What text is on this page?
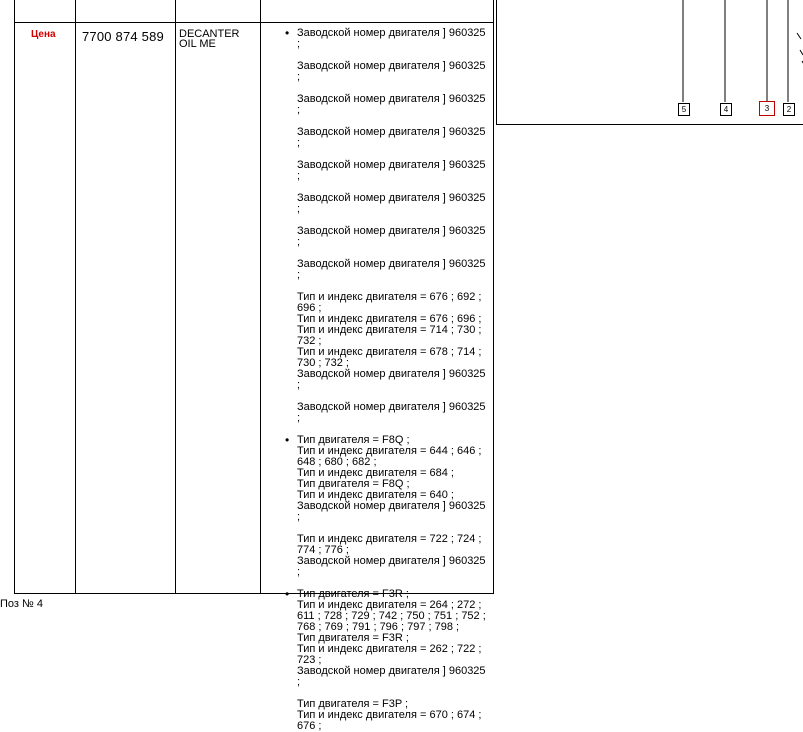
Цена 7700 874 589 DECANTER OIL ME
• Заводской номер двигателя ] 960325
;
Заводской номер двигателя ] 960325
;
Заводской номер двигателя ] 960325
;
Заводской номер двигателя ] 960325
;
Заводской номер двигателя ] 960325
;
Заводской номер двигателя ] 960325
;
Заводской номер двигателя ] 960325
;
Заводской номер двигателя ] 960325
;
Тип и индекс двигателя = 676 ; 692 ;
696 ;
Тип и индекс двигателя = 676 ; 696 ;
Тип и индекс двигателя = 714 ; 730 ;
732 ;
Тип и индекс двигателя = 678 ; 714 ;
730 ; 732 ;
Заводской номер двигателя ] 960325
;
Заводской номер двигателя ] 960325
;
• Тип двигателя = F8Q ;
Тип и индекс двигателя = 644 ; 646 ;
648 ; 680 ; 682 ;
Тип и индекс двигателя = 684 ;
Тип двигателя = F8Q ;
Тип и индекс двигателя = 640 ;
Заводской номер двигателя ] 960325
;
Тип и индекс двигателя = 722 ; 724 ;
774 ; 776 ;
Заводской номер двигателя ] 960325
;
• Тип двигателя = F3R ;
Тип и индекс двигателя = 264 ; 272 ;
611 ; 728 ; 729 ; 742 ; 750 ; 751 ; 752 ;
768 ; 769 ; 791 ; 796 ; 797 ; 798 ;
Тип двигателя = F3R ;
Тип и индекс двигателя = 262 ; 722 ;
723 ;
Заводской номер двигателя ] 960325
;
Тип двигателя = F3P ;
Тип и индекс двигателя = 670 ; 674 ;
676 ;
5	4	3	2
Поз № 4
